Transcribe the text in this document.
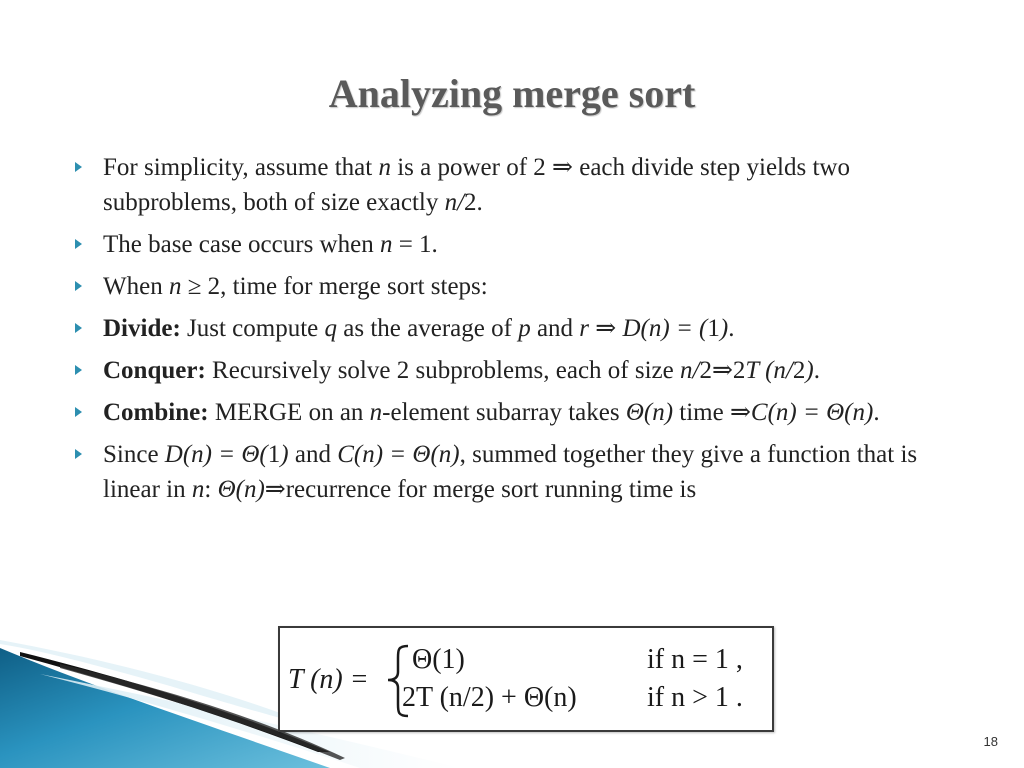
Analyzing merge sort
For simplicity, assume that n is a power of 2 ⇒ each divide step yields two subproblems, both of size exactly n/2.
The base case occurs when n = 1.
When n ≥ 2, time for merge sort steps:
Divide: Just compute q as the average of p and r ⇒ D(n) = (1).
Conquer: Recursively solve 2 subproblems, each of size n/2⇒2T (n/2).
Combine: MERGE on an n-element subarray takes Θ(n) time ⇒C(n) = Θ(n).
Since D(n) = Θ(1) and C(n) = Θ(n), summed together they give a function that is linear in n: Θ(n)⇒recurrence for merge sort running time is
T (n) =
Θ(1)	if n = 1 ,
2T (n/2) + Θ(n)	if n > 1 .
18
